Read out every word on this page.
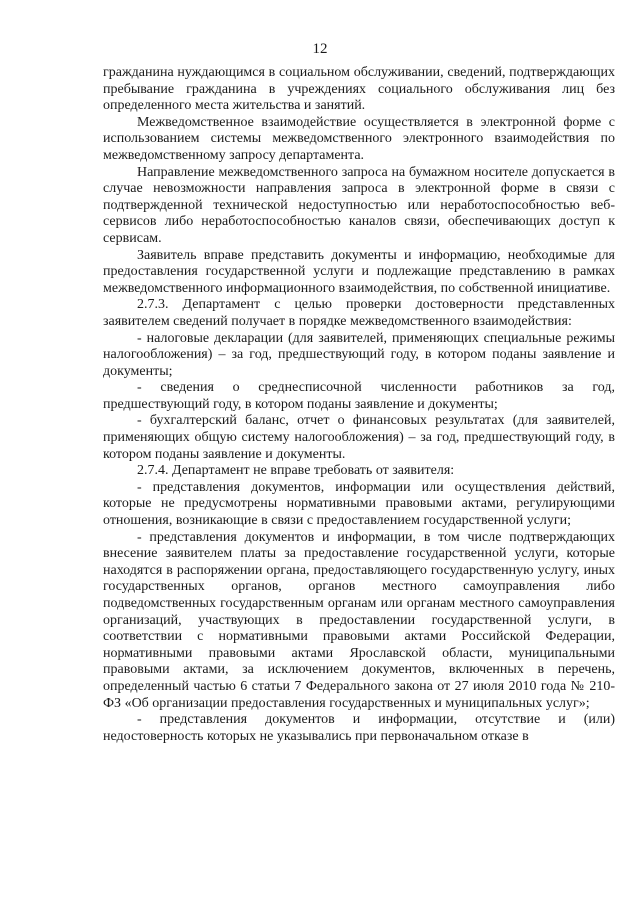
12

гражданина нуждающимся в социальном обслуживании, сведений, подтверждающих пребывание гражданина в учреждениях социального обслуживания лиц без определенного места жительства и занятий.

Межведомственное взаимодействие осуществляется в электронной форме с использованием системы межведомственного электронного взаимодействия по межведомственному запросу департамента.

Направление межведомственного запроса на бумажном носителе допускается в случае невозможности направления запроса в электронной форме в связи с подтвержденной технической недоступностью или неработоспособностью веб-сервисов либо неработоспособностью каналов связи, обеспечивающих доступ к сервисам.

Заявитель вправе представить документы и информацию, необходимые для предоставления государственной услуги и подлежащие представлению в рамках межведомственного информационного взаимодействия, по собственной инициативе.

2.7.3. Департамент с целью проверки достоверности представленных заявителем сведений получает в порядке межведомственного взаимодействия:

- налоговые декларации (для заявителей, применяющих специальные режимы налогообложения) – за год, предшествующий году, в котором поданы заявление и документы;

- сведения о среднесписочной численности работников за год, предшествующий году, в котором поданы заявление и документы;

- бухгалтерский баланс, отчет о финансовых результатах (для заявителей, применяющих общую систему налогообложения) – за год, предшествующий году, в котором поданы заявление и документы.

2.7.4. Департамент не вправе требовать от заявителя:

- представления документов, информации или осуществления действий, которые не предусмотрены нормативными правовыми актами, регулирующими отношения, возникающие в связи с предоставлением государственной услуги;

- представления документов и информации, в том числе подтверждающих внесение заявителем платы за предоставление государственной услуги, которые находятся в распоряжении органа, предоставляющего государственную услугу, иных государственных органов, органов местного самоуправления либо подведомственных государственным органам или органам местного самоуправления организаций, участвующих в предоставлении государственной услуги, в соответствии с нормативными правовыми актами Российской Федерации, нормативными правовыми актами Ярославской области, муниципальными правовыми актами, за исключением документов, включенных в перечень, определенный частью 6 статьи 7 Федерального закона от 27 июля 2010 года № 210-ФЗ «Об организации предоставления государственных и муниципальных услуг»;

- представления документов и информации, отсутствие и (или) недостоверность которых не указывались при первоначальном отказе в
